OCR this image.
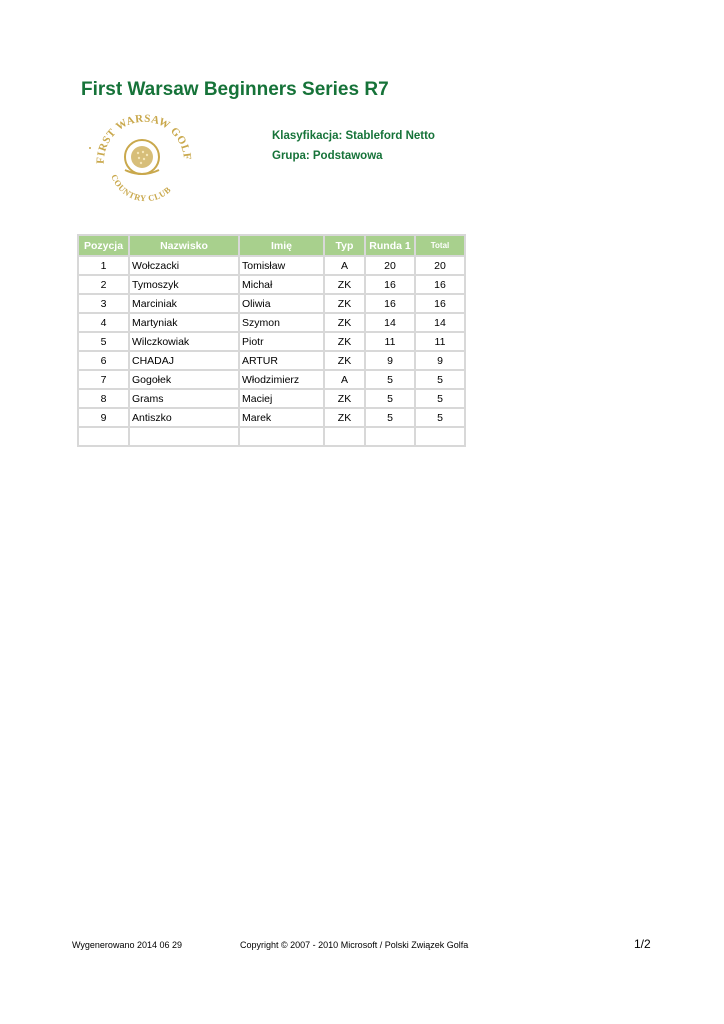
First Warsaw Beginners Series R7
FIRST WARSAW GOLF
COUNTRY CLUB
Klasyfikacja: Stableford Netto
Grupa: Podstawowa
Pozycja	Nazwisko	Imię	Typ	Runda 1	Total
1	Wołczacki	Tomisław	A	20	20
2	Tymoszyk	Michał	ZK	16	16
3	Marciniak	Oliwia	ZK	16	16
4	Martyniak	Szymon	ZK	14	14
5	Wilczkowiak	Piotr	ZK	11	11
6	CHADAJ	ARTUR	ZK	9	9
7	Gogołek	Włodzimierz	A	5	5
8	Grams	Maciej	ZK	5	5
9	Antiszko	Marek	ZK	5	5

Wygenerowano 2014 06 29	Copyright © 2007 - 2010 Microsoft / Polski Związek Golfa	1/2
